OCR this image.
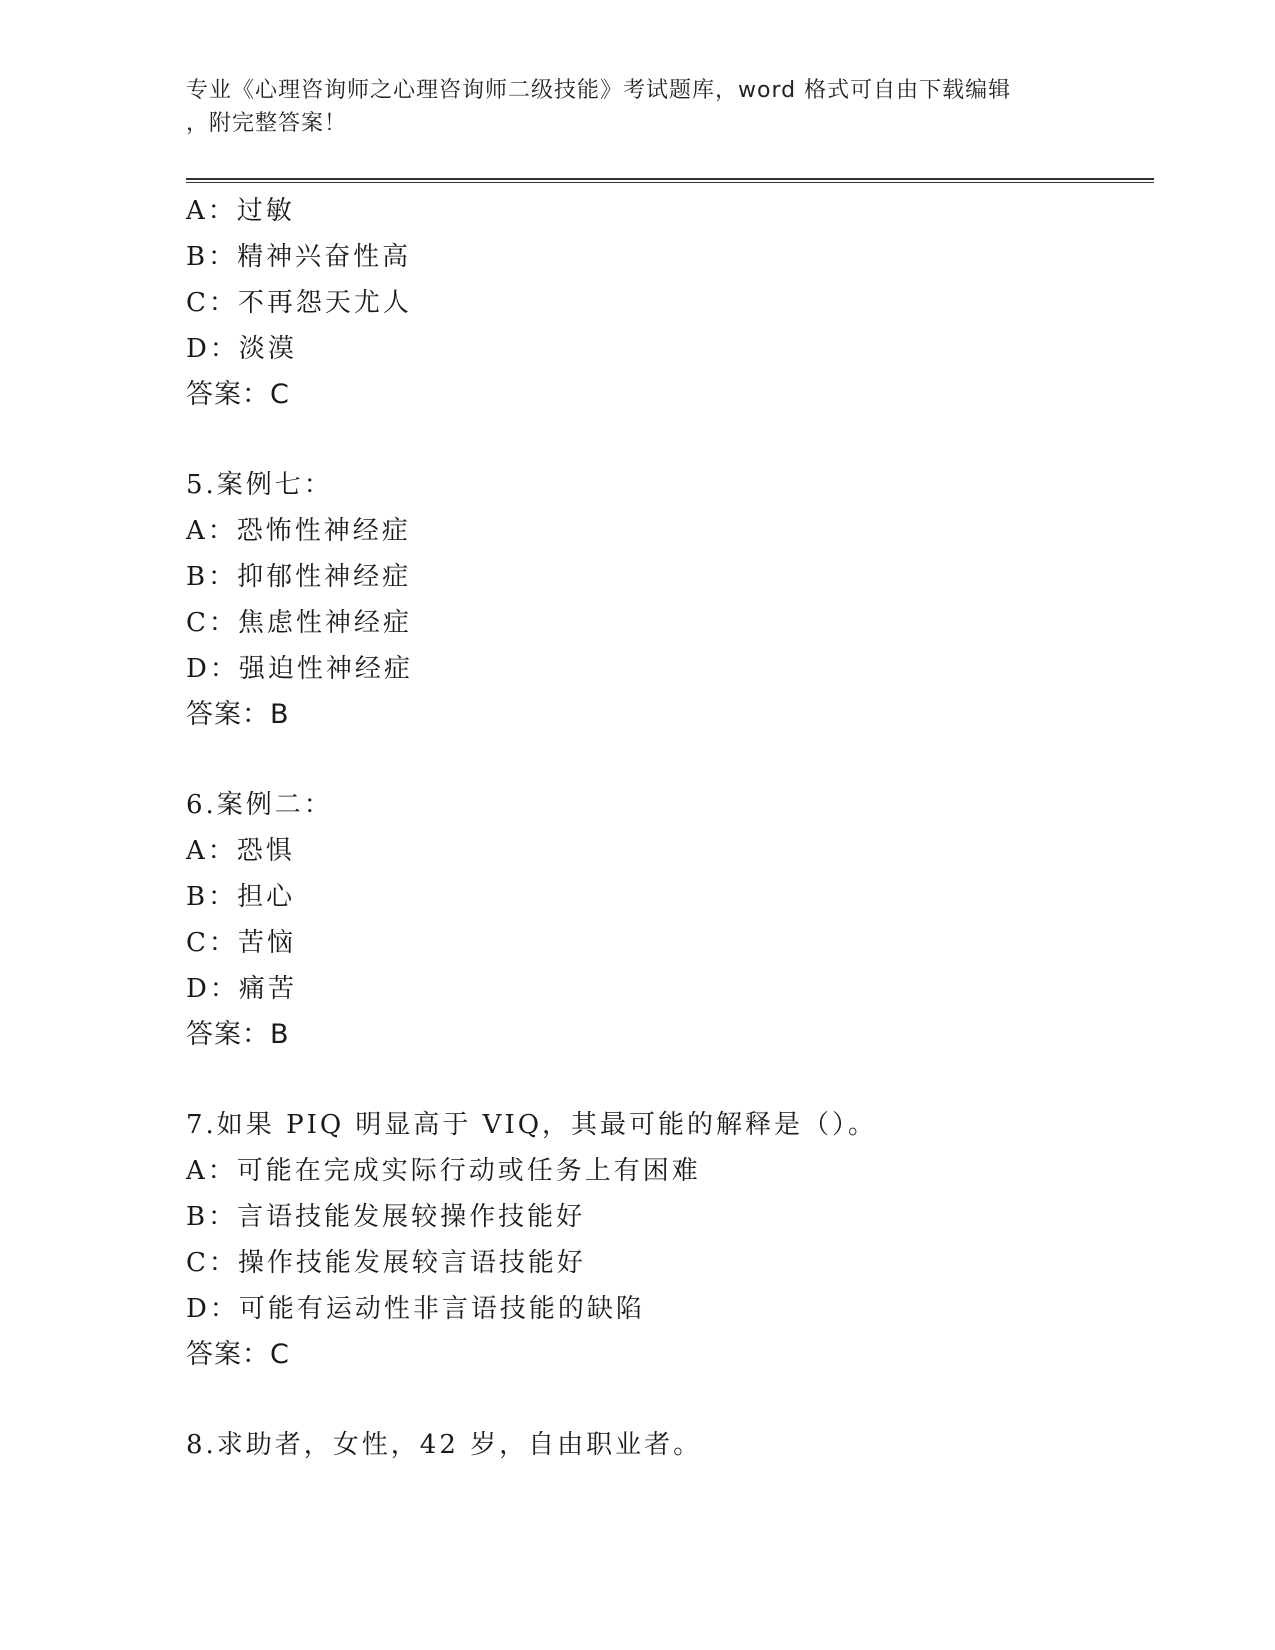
专业《心理咨询师之心理咨询师二级技能》考试题库，word 格式可自由下载编辑
，附完整答案！
A：过敏
B：精神兴奋性高
C：不再怨天尤人
D：淡漠
答案：C
5.案例七：
A：恐怖性神经症
B：抑郁性神经症
C：焦虑性神经症
D：强迫性神经症
答案：B
6.案例二：
A：恐惧
B：担心
C：苦恼
D：痛苦
答案：B
7.如果 PIQ 明显高于 VIQ，其最可能的解释是（）。
A：可能在完成实际行动或任务上有困难
B：言语技能发展较操作技能好
C：操作技能发展较言语技能好
D：可能有运动性非言语技能的缺陷
答案：C
8.求助者，女性，42 岁，自由职业者。
